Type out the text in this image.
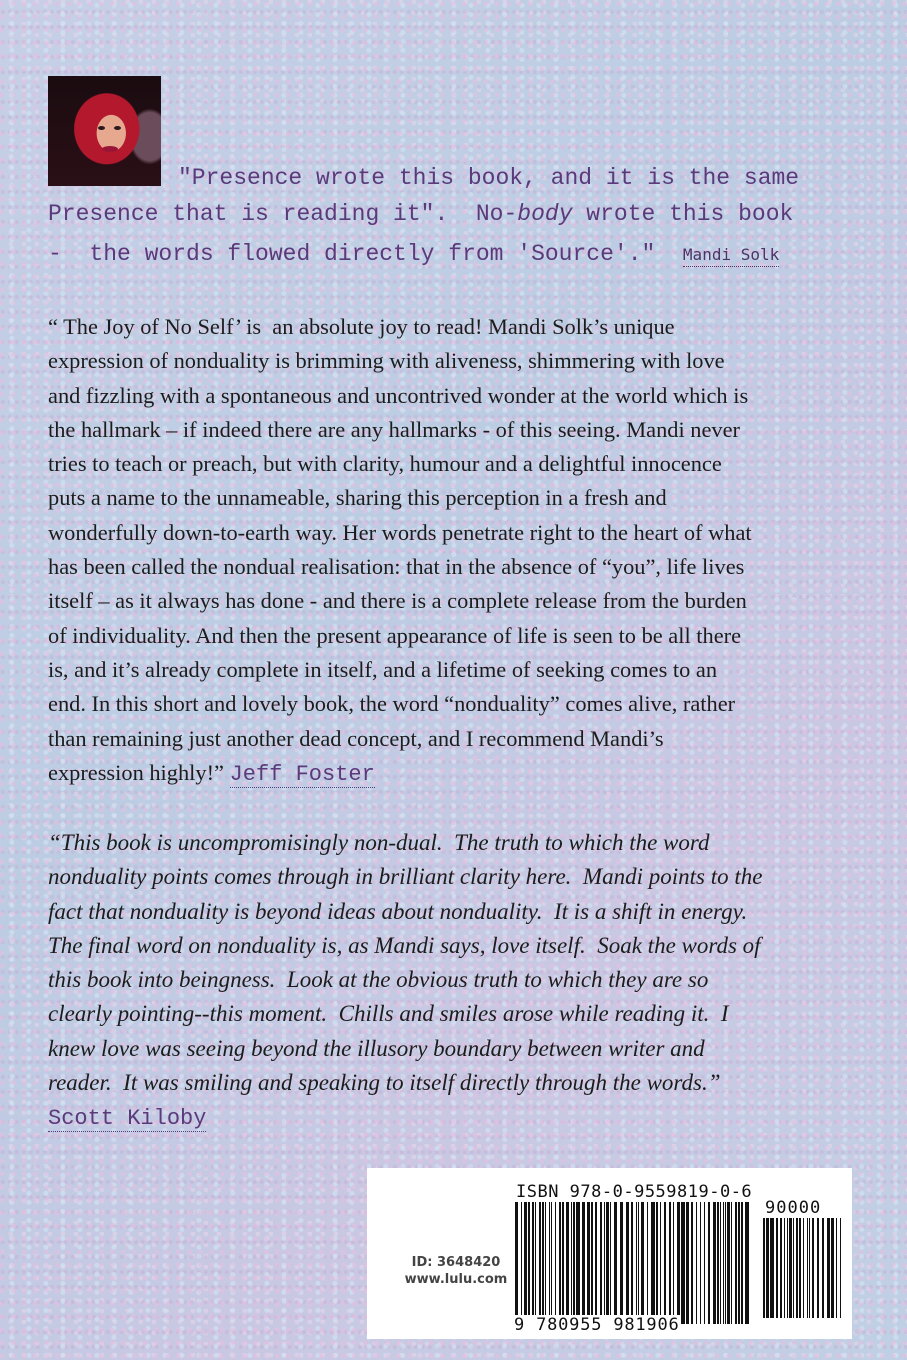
"Presence wrote this book, and it is the same

Presence that is reading it".  No-body wrote this book

-  the words flowed directly from 'Source'." Mandi Solk

“ The Joy of No Self’ is  an absolute joy to read! Mandi Solk’s unique

expression of nonduality is brimming with aliveness, shimmering with love

and fizzling with a spontaneous and uncontrived wonder at the world which is

the hallmark – if indeed there are any hallmarks - of this seeing. Mandi never

tries to teach or preach, but with clarity, humour and a delightful innocence

puts a name to the unnameable, sharing this perception in a fresh and

wonderfully down-to-earth way. Her words penetrate right to the heart of what

has been called the nondual realisation: that in the absence of “you”, life lives

itself – as it always has done - and there is a complete release from the burden

of individuality. And then the present appearance of life is seen to be all there

is, and it’s already complete in itself, and a lifetime of seeking comes to an

end. In this short and lovely book, the word “nonduality” comes alive, rather

than remaining just another dead concept, and I recommend Mandi’s

expression highly!” Jeff Foster

“This book is uncompromisingly non-dual.  The truth to which the word

nonduality points comes through in brilliant clarity here.  Mandi points to the

fact that nonduality is beyond ideas about nonduality.  It is a shift in energy.

The final word on nonduality is, as Mandi says, love itself.  Soak the words of

this book into beingness.  Look at the obvious truth to which they are so

clearly pointing--this moment.  Chills and smiles arose while reading it.  I

knew love was seeing beyond the illusory boundary between writer and

reader.  It was smiling and speaking to itself directly through the words.”

Scott Kiloby

ISBN 978-0-9559819-0-6
ID: 3648420
www.lulu.com
90000
9 780955 981906
